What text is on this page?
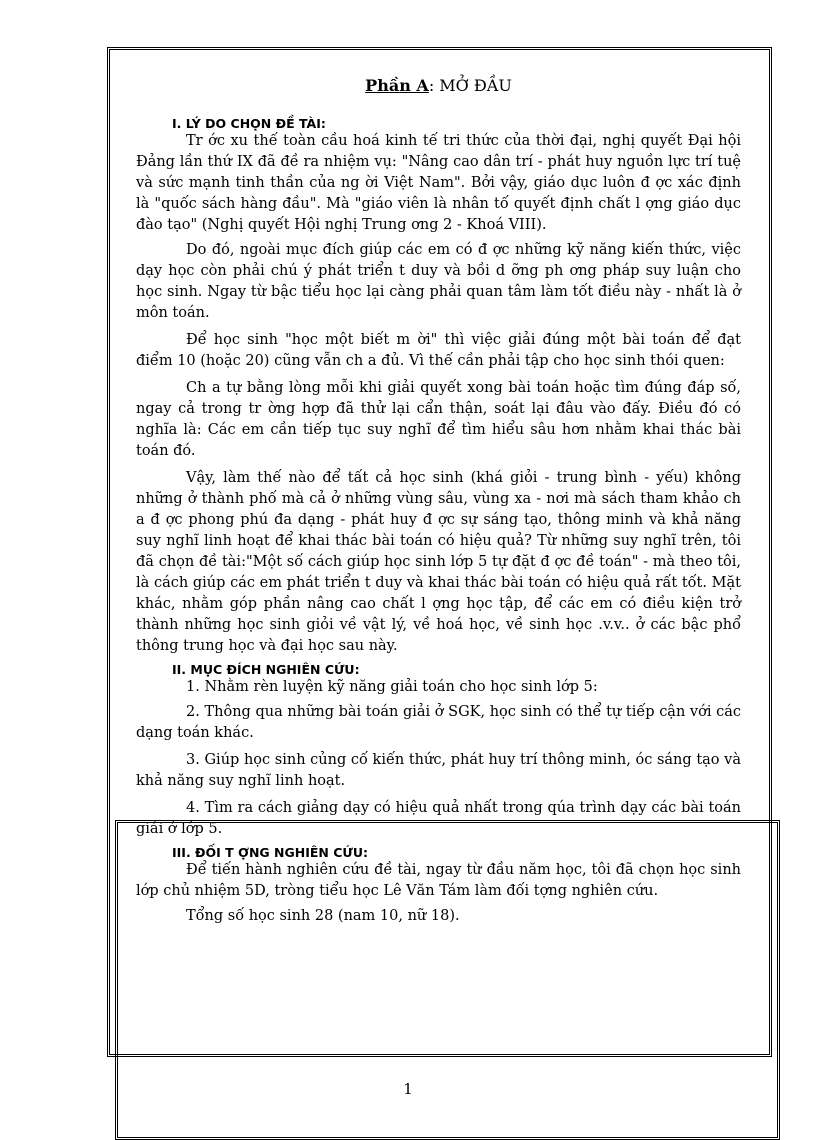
Phần A: MỞ ĐẦU
I. LÝ DO CHỌN ĐỀ TÀI:

Tr ớc xu thế toàn cầu hoá kinh tế tri thức của thời đại, nghị quyết Đại hội Đảng lần thứ IX đã đề ra nhiệm vụ: "Nâng cao dân trí - phát huy nguồn lực trí tuệ và sức mạnh tinh thần của ng ời Việt Nam". Bởi vậy, giáo dục luôn đ ợc xác định là "quốc sách hàng đầu". Mà "giáo viên là nhân tố quyết định chất l ợng giáo dục đào tạo" (Nghị quyết Hội nghị Trung ơng 2 - Khoá VIII).

Do đó, ngoài mục đích giúp các em có đ ợc những kỹ năng kiến thức, việc dạy học còn phải chú ý phát triển t duy và bồi d ỡng ph ơng pháp suy luận cho học sinh. Ngay từ bậc tiểu học lại càng phải quan tâm làm tốt điều này - nhất là ở môn toán.

Để học sinh "học một biết m ời" thì việc giải đúng một bài toán để đạt điểm 10 (hoặc 20) cũng vẫn ch a đủ. Vì thế cần phải tập cho học sinh thói quen:

Ch a tự bằng lòng mỗi khi giải quyết xong bài toán hoặc tìm đúng đáp số, ngay cả trong tr ờng hợp đã thử lại cẩn thận, soát lại đâu vào đấy. Điều đó có nghĩa là: Các em cần tiếp tục suy nghĩ để tìm hiểu sâu hơn nhằm khai thác bài toán đó.

Vậy, làm thế nào để tất cả học sinh (khá giỏi - trung bình - yếu) không những ở thành phố mà cả ở những vùng sâu, vùng xa - nơi mà sách tham khảo ch a đ ợc phong phú đa dạng - phát huy đ ợc sự sáng tạo, thông minh và khả năng suy nghĩ linh hoạt để khai thác bài toán có hiệu quả? Từ những suy nghĩ trên, tôi đã chọn đề tài:"Một số cách giúp học sinh lớp 5 tự đặt đ ợc đề toán" - mà theo tôi, là cách giúp các em phát triển t duy và khai thác bài toán có hiệu quả rất tốt. Mặt khác, nhằm góp phần nâng cao chất l ợng học tập, để các em có điều kiện trở thành những học sinh giỏi về vật lý, về hoá học, về sinh học .v.v.. ở các bậc phổ thông trung học và đại học sau này.

II. MỤC ĐÍCH NGHIÊN CỨU:

1. Nhằm rèn luyện kỹ năng giải toán cho học sinh lớp 5:

2. Thông qua những bài toán giải ở SGK, học sinh có thể tự tiếp cận với các dạng toán khác.

3. Giúp học sinh củng cố kiến thức, phát huy trí thông minh, óc sáng tạo và khả năng suy nghĩ linh hoạt.

4. Tìm ra cách giảng dạy có hiệu quả nhất trong qúa trình dạy các bài toán giải ở lớp 5.

III. ĐỐI T ỢNG NGHIÊN CỨU:

Để tiến hành nghiên cứu đề tài, ngay từ đầu năm học, tôi đã chọn học sinh lớp chủ nhiệm 5D, tròng tiểu học Lê Văn Tám làm đối tợng nghiên cứu.

Tổng số học sinh 28 (nam 10, nữ 18).

1
